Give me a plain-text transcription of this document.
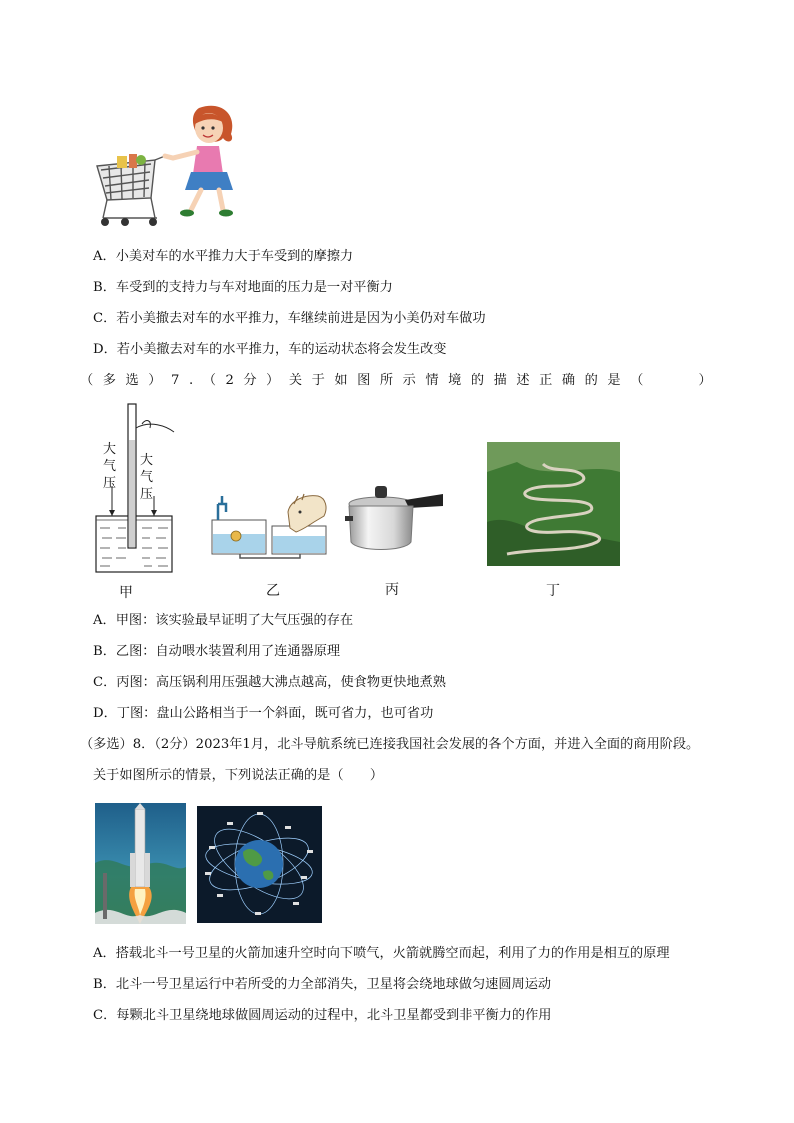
A．小美对车的水平推力大于车受到的摩擦力
B．车受到的支持力与车对地面的压力是一对平衡力
C．若小美撤去对车的水平推力，车继续前进是因为小美仍对车做功
D．若小美撤去对车的水平推力，车的运动状态将会发生改变
（ 多 选 ） 7 . （ 2 分 ） 关 于 如 图 所 示 情 境 的 描 述 正 确 的 是 （	）
大
气
压
大
气
压
甲	乙	丙	丁
A．甲图：该实验最早证明了大气压强的存在
B．乙图：自动喂水装置利用了连通器原理
C．丙图：高压锅利用压强越大沸点越高，使食物更快地煮熟
D．丁图：盘山公路相当于一个斜面，既可省力，也可省功
（多选）8．（2分）2023年1月，北斗导航系统已连接我国社会发展的各个方面，并进入全面的商用阶段。
关于如图所示的情景，下列说法正确的是（　　）
A．搭载北斗一号卫星的火箭加速升空时向下喷气，火箭就腾空而起，利用了力的作用是相互的原理
B．北斗一号卫星运行中若所受的力全部消失，卫星将会绕地球做匀速圆周运动
C．每颗北斗卫星绕地球做圆周运动的过程中，北斗卫星都受到非平衡力的作用
